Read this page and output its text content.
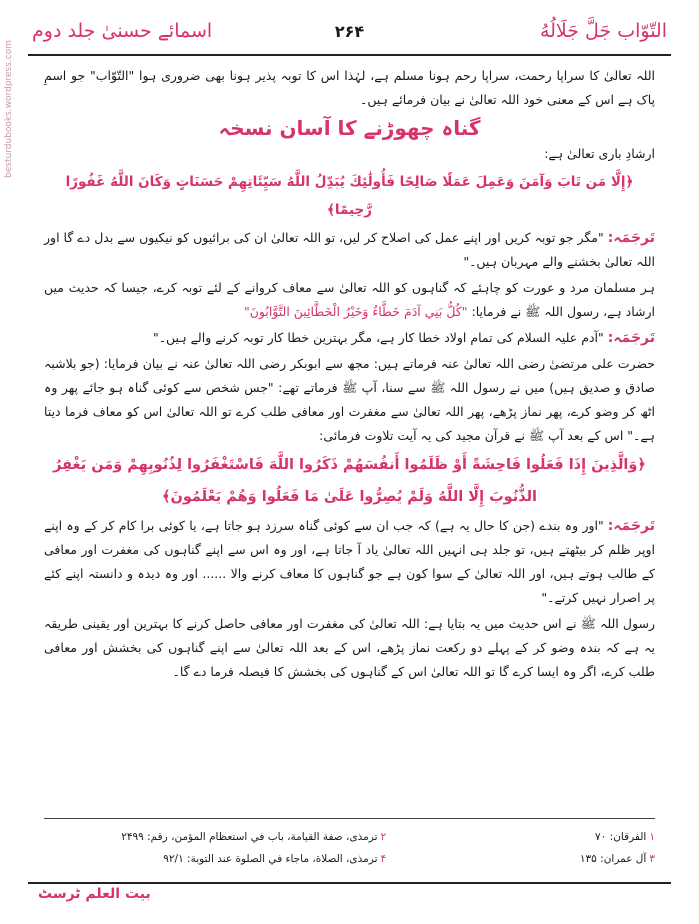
التّوّاب جَلَّ جَلَالُهُ
۲۶۴
اسمائے حسنیٰ جلد دوم
besturdubooks.wordpress.com اللہ تعالیٰ کا سراپا رحمت، سراپا رحم ہونا مسلم ہے، لہٰذا اس کا توبہ پذیر ہونا بھی ضروری ہوا "التّوّاب" جو اسمِ پاک ہے اس کے معنی خود اللہ تعالیٰ نے بیان فرمائے ہیں۔

گناہ چھوڑنے کا آسان نسخہ

ارشادِ باری تعالیٰ ہے:

﴿إِلَّا مَن تَابَ وَآمَنَ وَعَمِلَ عَمَلًا صَالِحًا فَأُولَٰئِكَ يُبَدِّلُ اللَّهُ سَيِّئَاتِهِمْ حَسَنَاتٍ وَكَانَ اللَّهُ غَفُورًا رَّحِيمًا﴾

تَرجَمَہ:"مگر جو توبہ کریں اور اپنے عمل کی اصلاح کر لیں، تو اللہ تعالیٰ ان کی برائیوں کو نیکیوں سے بدل دے گا اور اللہ تعالیٰ بخشنے والے مہربان ہیں۔"

ہر مسلمان مرد و عورت کو چاہئے کہ گناہوں کو اللہ تعالیٰ سے معاف کروانے کے لئے توبہ کرے، جیسا کہ حدیث میں ارشاد ہے، رسول اللہ ﷺ نے فرمایا: "كُلُّ بَنِي آدَمَ خَطَّاءٌ وَخَيْرُ الْخَطَّائِينَ التَّوَّابُونَ"

تَرجَمَہ:"آدم علیہ السلام کی تمام اولاد خطا کار ہے، مگر بہترین خطا کار توبہ کرنے والے ہیں۔"

حضرت علی مرتضیٰ رضی اللہ تعالیٰ عنہ فرماتے ہیں: مجھ سے ابوبکر رضی اللہ تعالیٰ عنہ نے بیان فرمایا: (جو بلاشبہ صادق و صدیق ہیں) میں نے رسول اللہ ﷺ سے سنا، آپ ﷺ فرماتے تھے: "جس شخص سے کوئی گناہ ہو جائے پھر وہ اٹھ کر وضو کرے، پھر نماز پڑھے، پھر اللہ تعالیٰ سے مغفرت اور معافی طلب کرے تو اللہ تعالیٰ اس کو معاف فرما دیتا ہے۔" اس کے بعد آپ ﷺ نے قرآن مجید کی یہ آیت تلاوت فرمائی:

﴿وَالَّذِينَ إِذَا فَعَلُوا فَاحِشَةً أَوْ ظَلَمُوا أَنفُسَهُمْ ذَكَرُوا اللَّهَ فَاسْتَغْفَرُوا لِذُنُوبِهِمْ وَمَن يَغْفِرُ

الذُّنُوبَ إِلَّا اللَّهُ وَلَمْ يُصِرُّوا عَلَىٰ مَا فَعَلُوا وَهُمْ يَعْلَمُونَ﴾

تَرجَمَہ:"اور وہ بندے (جن کا حال یہ ہے) کہ جب ان سے کوئی گناہ سرزد ہو جاتا ہے، یا کوئی برا کام کر کے وہ اپنے اوپر ظلم کر بیٹھتے ہیں، تو جلد ہی انہیں اللہ تعالیٰ یاد آ جاتا ہے، اور وہ اس سے اپنے گناہوں کی مغفرت اور معافی کے طالب ہوتے ہیں، اور اللہ تعالیٰ کے سوا کون ہے جو گناہوں کا معاف کرنے والا ...... اور وہ دیدہ و دانستہ اپنے کئے پر اصرار نہیں کرتے۔"

رسول اللہ ﷺ نے اس حدیث میں یہ بتایا ہے: اللہ تعالیٰ کی مغفرت اور معافی حاصل کرنے کا بہترین اور یقینی طریقہ یہ ہے کہ بندہ وضو کر کے پہلے دو رکعت نماز پڑھے، اس کے بعد اللہ تعالیٰ سے اپنے گناہوں کی بخشش اور معافی طلب کرے، اگر وہ ایسا کرے گا تو اللہ تعالیٰ اس کے گناہوں کی بخشش کا فیصلہ فرما دے گا۔

۱الفرقان: ۷۰
۲ترمذی، صفة القيامة، باب في استعظام المؤمن، رقم: ۲۴۹۹
۳آل عمران: ۱۳۵
۴ترمذی، الصلاة، ماجاء في الصلوة عند التوبة: ۹۲/۱
بیت العلم ٹرسٹ
